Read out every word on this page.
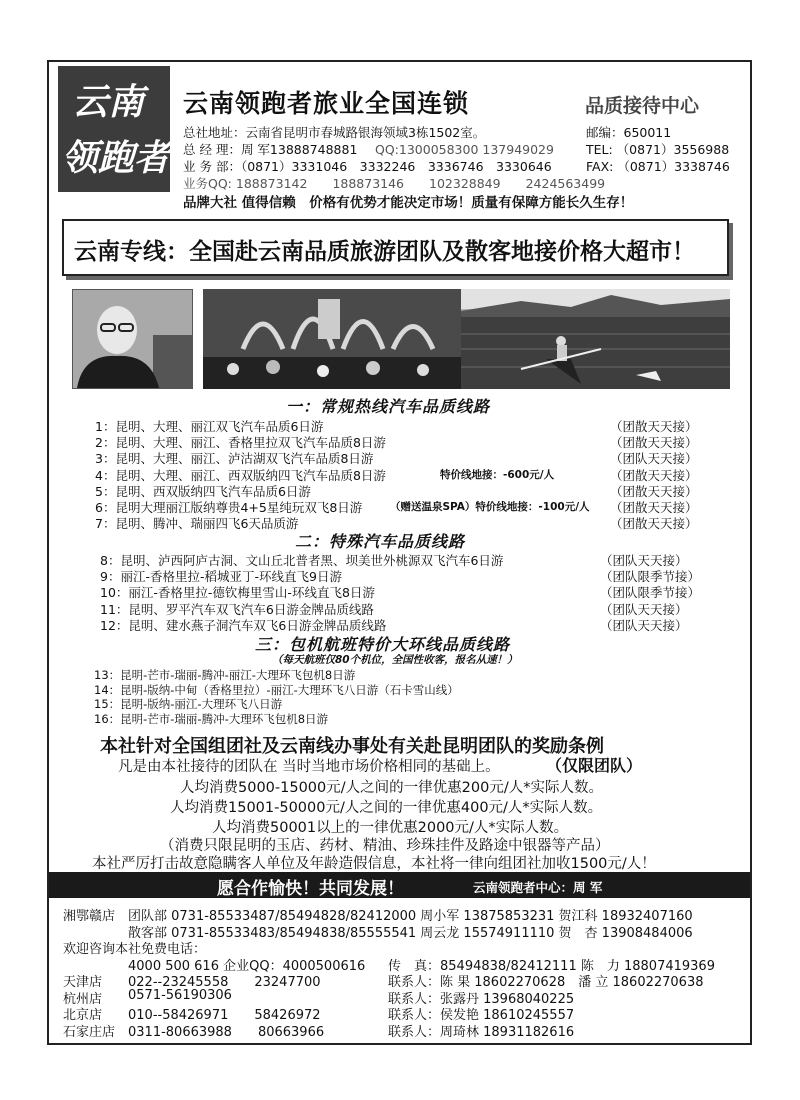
云南
领跑者
云南领跑者旅业全国连锁	品质接待中心
总社地址：云南省昆明市春城路银海领域3栋1502室。	邮编：650011
总 经 理：周 军13888748881 QQ:1300058300 137949029	TEL: （0871）3556988
业 务 部：（0871）3331046　3332246　3336746　3330646	FAX: （0871）3338746
业务QQ: 188873142　　188873146　　102328849　　2424563499
品牌大社 值得信赖　价格有优势才能决定市场！质量有保障方能长久生存！
云南专线：全国赴云南品质旅游团队及散客地接价格大超市！
一：常规热线汽车品质线路
1：昆明、大理、丽江双飞汽车品质6日游	（团散天天接）
2：昆明、大理、丽江、香格里拉双飞汽车品质8日游	（团散天天接）
3：昆明、大理、丽江、泸沽湖双飞汽车品质8日游	（团队天天接）
4：昆明、大理、丽江、西双版纳四飞汽车品质8日游	特价线地接：-600元/人	（团散天天接）
5：昆明、西双版纳四飞汽车品质6日游	（团散天天接）
6：昆明大理丽江版纳尊贵4+5星纯玩双飞8日游	（赠送温泉SPA）特价线地接：-100元/人 （团散天天接）
7：昆明、腾冲、瑞丽四飞6天品质游	（团散天天接）
二：特殊汽车品质线路
8：昆明、泸西阿庐古洞、文山丘北普者黑、坝美世外桃源双飞汽车6日游	（团队天天接）
9：丽江-香格里拉-稻城亚丁-环线直飞9日游	（团队限季节接）
10：丽江-香格里拉-德钦梅里雪山-环线直飞8日游	（团队限季节接）
11：昆明、罗平汽车双飞汽车6日游金牌品质线路	（团队天天接）
12：昆明、建水燕子洞汽车双飞6日游金牌品质线路	（团队天天接）
三：包机航班特价大环线品质线路
（每天航班仅80个机位，全国性收客，报名从速！）
13：昆明-芒市-瑞丽-腾冲-丽江-大理环飞包机8日游
14：昆明-版纳-中甸（香格里拉）-丽江-大理环飞八日游（石卡雪山线）
15：昆明-版纳-丽江-大理环飞八日游
16：昆明-芒市-瑞丽-腾冲-大理环飞包机8日游
本社针对全国组团社及云南线办事处有关赴昆明团队的奖励条例
凡是由本社接待的团队在 当时当地市场价格相同的基础上。	（仅限团队）
人均消费5000-15000元/人之间的一律优惠200元/人*实际人数。
人均消费15001-50000元/人之间的一律优惠400元/人*实际人数。
人均消费50001以上的一律优惠2000元/人*实际人数。
（消费只限昆明的玉店、药材、精油、珍珠挂件及路途中银器等产品）
本社严厉打击故意隐瞒客人单位及年龄造假信息，本社将一律向组团社加收1500元/人！
愿合作愉快！共同发展！	云南领跑者中心：周 军
湘鄂赣店 团队部 0731-85533487/85494828/82412000 周小军 13875853231 贺江科 18932407160
散客部 0731-85533483/85494838/85555541 周云龙 15574911110 贺　杏 13908484006
欢迎咨询本社免费电话：
4000 500 616 企业QQ：4000500616 传　真：85494838/82412111 陈　力 18807419369
天津店 022--23245558　　23247700	联系人：陈 果 18602270628　潘 立 18602270638
杭州店 0571-56190306	联系人：张露丹 13968040225
北京店 010--58426971　　58426972	联系人：侯发艳 18610245557
石家庄店 0311-80663988　　80663966	联系人：周琦林 18931182616
